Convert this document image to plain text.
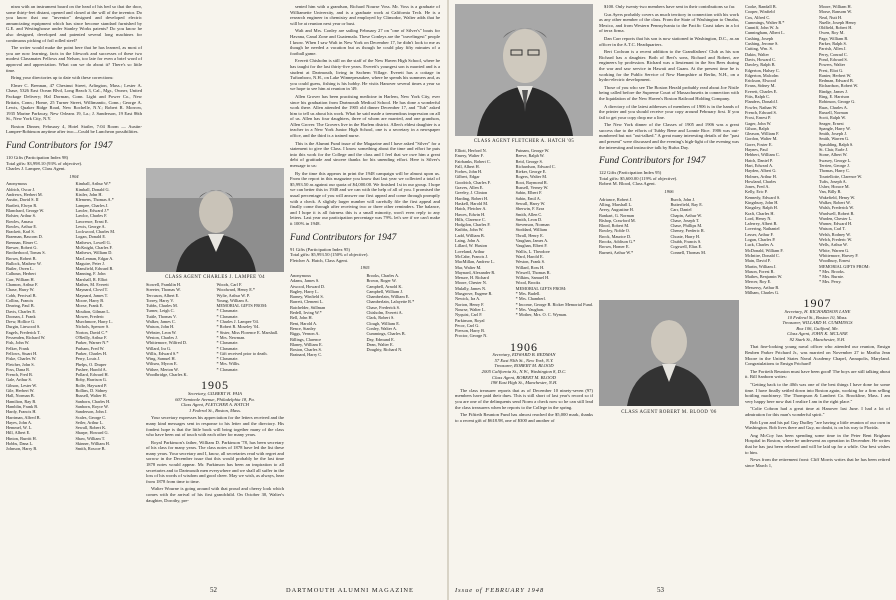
nism with an instrument board on the head of his bed so that the door, some thirty-feet distant, opened and closed at the will of the inventor. Do you know that our "inventor" designed and developed electric annunciating equipment which has since become standard furnished by G.E. and Westinghouse under Stanley Works patents? Do you know he also designed, developed and patented several long machines for continuous picking of foil rolled steel?

The writer would make the point here that he has learned, as most of you are now learning, facts in the lifework and successes of these two modest Classmates Fellows and Nelson, too late for even a brief word of approval and appreciation. What can we do about it? There's so little time.

Bring your directories up to date with these corrections:

Elmer C. Brennan, 47 Chestnut Street, Arlington, Mass.; Lester A. Chase, 5326 East Ocean Blvd, Long Beach 3, Cal., Mgr., Owner, United Package Delivery; Hal Dorman, Conn. Light and Power Co., New Britain, Conn.; Home, 25 Turner Street, Willimantic, Conn.; George A. Lewis, Quaker Ridge Road, New Rochelle, N.Y.; Robert R. Morrow, 1935 Marine Parkway, New Orleans 19, La.; J. Sanderson, 19 East 86th St., New York City, N.Y.

Boston Dinner, February 4, Hotel Statler, 7:04 Room — Austin-Lampee-Robinson anytime after two—Could be Luncheon possibilities.

Fund Contributors for 1947
110 Gifts (Participation Index 98)
Total gifts: $3,998.10 (93% of objective).
Charles J. Lampee, Class Agent.
1904
Anonymous
Aldrich, Oscar J.
Andrews, Herbert M.
Austin, David S. II
Bartlett, Elwyn R.
Blanchard, George W.
Bolster, Arthur S.
Bowles, Amasa
Bowles, Arthur E.
Brackett, Karl S.
Braeman, Bascom D.
Brennan, Elmer C.
Brewer, Robert G.
Brotherhood, Tomas S.
Brown, Robert B.
Bullock, Mathew W.
Butler, Owen L.
Calhoun, Herbert
Carr, William H.
Chamon, Arthur F.
Chase, Harry W.
Cobb, Percival B.
Collins, Francis
Dearing, Paul B.
Davis, Charles E.
Doonan, J. Frank
Drew, Hollice G.
Durgin, Linwood S.
Engels, Frederick T.
Fessenden, Richard W.
Fish, John W.
Felker, Frank
Fellows, Stuart H.
Fiske, Charles W.
Fletcher, John S.
Foss, Dana R.
French, Fred B.
Gale, Arthur S.
Gibson, Lester W.
Gile, Herbert W.
Hall, Norman B.
Hamilton, Ray B.
Hamblin, Frank B.
Hardy, Francis H.
Harriman, Alfred B.
Hayes, John A.
Hemmel, W. L.
Hill, Albert E.
Hinton, Burritt H.
Hobbs, Dana L.
Johnson, Harry B.
Kimball, Arthur W.*
Kimball, Donald G.
Kistler, John H.
Klemens, Thomas A.*
Lampee, Charles J.
Lawler, Edward J.*
Lawlor, Charles F.
Lawrence, Ernst E.
Lewis, George A.
Lockwood, Charles M.
Logan, Donald E.
Mathews, Lowell G.
McKnight, Charles F.
Mathews, William D.
MacLennan, Edgar A.
Maguire, Peter J.
Mansfield, Edward B.
Manning, F. John
Marshall, R. Elliot
Mathes, M. Everett
Maynard, Clovd T.
Maynard, James T.
Moore, Harry B.
Morse, Frank E.
Moulton, Gilman L.
Mower, Frederic
Murchmore, Harry L.
Nichols, Spencer S.
Norton, David C.*
O'Reilly, Arthur F.
Parker, Warner N.*
Parham, Fred W.
Parker, Charles H.
Perry, Louis J.
Phelps, O. Draper
Pushee, Harold A.
Pollard, Edward H.
Roby, Harrison G.
Rolfe, Hayward P.
Rollins, D. Sidney
Russell, Walter H.
Sanborn, Charles H.
Sanborn, Royce W.
Sanderson, John J.
Scales, George C.
Seiler, Arthur L.
Sewall, Robert K.
Sharpe, Howard G.
Shaw, William T.
Skinner, William H.
Smith, Roscoe B.
CLASS AGENT CHARLES J. LAMPEE '04
Stowell, Franklin H.
Streeter, Thomas W.
Tercuson, Albert E.
Torrey, Harry V.
Tubbs, Charles M.
Turner, Leigh C.
Tuttle, Thomas V.
Walker, James C.
Watson, John H.
Webster, Leon W.
Weston, Charles J.
Whittemore, Wilfred D.
Willard, Ira G.
Willis, Edward S.*
Wing, Samuel H.
Wiltsea, Myron E.
Withee, Merton W.
Woodbridge, Charles K.
Woods, Carl F.
Woodward, Henry E.*
Wylie, Arthur W. P.
Young, William A.
MEMORIAL GIFTS FROM:
* Classmate.
* Classmate.
* Charles J. Lampee '04.
* Robert R. Moseley '04.
* Sister, Miss Florence E. Marshall.
* Mrs. Newman.
* Classmate.
* Classmate.
* Gift received prior to death.
* Classmate.
* Mrs. Willis.
* Classmate.
1905
Secretary, GILBERT H. FAIA
607 Seminole Avenue, Philadelphia 18, Pa.
Class Agent, FLETCHER A. HATCH
1 Federal St., Boston, Mass.

Your secretary expresses his appreciation for the letters received and the many kind messages sent in response to his letter and the directory. His fondest hope is that the little book will bring together many of the class who have been out of touch with each other for many years.

Royal Parkinson's father, William D. Parkinson '78, has been secretary of his class for many years. The class notes of 1878 have led the list these many years. Your secretary and I, know, all secretaries read with regret and sorrow in the December issue that this would probably be the last time 1878 notes would appear. Mr. Parkinson has been an inspiration to all secretaries and to Dartmouth men everywhere and we shall all suffer in the loss of his words of wisdom and good cheer. May we wish, as always, hear from 1878 from time to time.

Walter Wourne is going around with that proud and cheery look which comes with the arrival of his first grandchild. On October 30, Walter's daughter, Dorothy, pre-

sented him with a grandson, Richard Nourse Voss. Mr. Voss is a graduate of Williamette University, and is a graduate work at California Tech. He is a research engineer in chemistry and employed by Climodor, Walter adds that he will be at reunion next year or bust.

Walt and Mrs. Conley are sailing February 27 on "one of Silver's" boats for Havana, Canal Zone and Guatemala. These Conleys are the "travelingest" people I know. When I saw Walt in New York on December 17, he didn't look to me as though he needed a vacation but as though he could play fifty minutes of a football game.

Everett Chisholm is still on the staff of the New Haven High School, where he has taught for the last thirty-five years. Everett's youngest son is married and is a student at Dartmouth, living in Sachem Village. Everett has a cottage in Tuftonboro, N.H., on Lake Winnepesaukee, where he spends his summers and, as you could guess, fishing is his hobby. He visits Hanover several times a year so we hope to see him at reunion in '49.

Allen Grover has been practising medicine in Harlem, New York City, ever since his graduation from Dartmouth Medical School. He has done a wonderful work there. Allen attended the 1905 old dinner December 17, and "Tub" asked him to tell us about his work. What he said made a tremendous impression on all of us. Allen has four daughters, three of whom are married, and one grandson, Allen Grover. The Grovers live in the Harlem district. Allen's eldest daughter is a teacher in a New York Junior High School, one is a secretary in a newspaper office, and the third is a trained nurse.

This is the Alumni Fund issue of the Magazine and I have asked "Silver" for a statement to give the Class. I know something about the time and effort he puts into this work for the College and the class and I feel that we owe him a great debt of gratitude and sincere thanks for his unending effort. Here is Silver's message to us:

By the time this appears in print the 1948 campaign will be almost upon us. From the report in this magazine you know that last year we collected a total of $5,993.50 as against our quota of $4,000.00. We finished 1st in our group. I hope we can better this in 1948 and we can with the help of all of you. I promised the usual percentage of you will answer our first appeal and come through promptly with a check. A slightly larger number will carefully file the first appeal and finally come through after receiving two or three other reminders. The balance, and I hope it is all fairness this is a small minority, won't even reply to any letters. Last year our participation percentage was 79%. let's see if we can't make it 100% in 1948.

Fund Contributors for 1947
91 Gifts (Participation Index 95)
Total gifts: $5,993.50 (150% of objective).
Fletcher A. Hatch, Class Agent.
1905
Anonymous
Adams, James S.
Atwood, Howard D.
Bagley, Harry L.
Barney, Winfield S.
Barrett, Clement L.
Batchelder, Stillman
Bedell, Irving W.*
Bell, John H.
Bent, Harold A.
Bence, Stanley
Biggs, Vernon A.
Billings, Clarence
Blaney, William E.
Boston, Charles S.
Brainard, Harry C.
Brooks, Charles A.
Brown, Roger W.
Campbell, Arnold K.
Campbell, William J.
Chamberlain, William E.
Chamberlain, Lafayette R.*
Chase, Frederick S.
Chisholm, Everett A.
Clark, Robert S.
Clough, William E.
Conley, Walter A.
Cummings, Charles B.
Day, Edmund E.
Dean, Walter E.
Doughty, Richard N.
52	DARTMOUTH ALUMNI MAGAZINE
CLASS AGENT FLETCHER A. HATCH '05
Elliott, Herford N.
Emery, Walter F.
Fairbanks, Robert C.
Fall, Albert H.
Forbes, John H.
Gilbert, Edgar
Goodrich, Charles F.
Graves, Allen E.
Greeley, J. Clinton
Harding, Robert H.
Haskell, Harold M.
Hatch, Fletcher A.
Hawes, Edwin H.
Hills, Clarence C.
Hodgdon, Charles F.
Knibbs, John W.
Ladd, William B.
Laing, John A.
Lillard, W. Huston
Loveland, Arthur
McCabe, Francis J.
MacMillan, Andrew L.
Mar, Walter M.
Maynard, Alexander R.
Mesure, H. Richard
Moore, Chester N.
Mulally, James N.
Musgrove, Eugene R.
Newick, Ira A.
Norton, Henry F.
Nourse, Walter L.
Nyquist, Carl F.
Parkinson, Royal
Pecor, Carl G.
Pierson, Harry B.
Proctor, George N.
Putnam, George W.
Reeve, Ralph W.
Reid, George S.
Richardson, Edward C.
Rieker, George E.
Rogers, Walter M.
Root, Raymond R.
Russell, Verney W.
Sabin, Elbert F.
Sabin, Emil A.
Sewall, Harry W.
Sherwin, F. Ezra
Smith, Allen C.
Smith, Leon D.
Stevenson, Norman
Stoddard, William
Thrall, Henry E.
Vaughan, James A.
Vaughan, Elbert F.
Wallis, L. Theodore
Ward, Harold E.
Weston, Frank S.
Willard, Ross H.
Wiswell, Thomas R.
Wilkins, Samuel H.
Wood, Brooks
MEMORIAL GIFTS FROM:
* Mrs. Budell.
* Mrs. Chamberl.
* Income, George B. Ricker Memorial Fund.
* Mrs. Vaughan.
* Mother, Mrs. O. C. Wyman.
1906
Secretary, EDWARD B. REDMAN
57 East 95th St., New York, N.Y.
Treasurer, ROBERT M. BLOOD
2005 California St., N.W., Washington 8, D.C.
Class Agent, ROBERT M. BLOOD
198 East High St., Manchester, N.H.

The class treasurer reports that as of December 10 ninety-seven (97) members have paid their dues. This is still short of last year's record so if you are one of the delinquents send Norm a check now so he can still lead the class treasurers when he reports to the College in the spring.

The Fiftieth Reunion Fund has almost reached the $5,000 mark, thanks to a recent gift of $618.98, one of $300 and another of

$100. Only twenty-two members have sent in their contributions so far.

Gus Ayers probably covers as much territory in connection with his work as any other member of the class. From the State of Washington to Omaha, Mexico, and from Western Pennsylvania to the Pacific Coast takes in a lot of terra firma.

Dan Carr reports that his son is now stationed in Washington, D.C., as an officer in the A.T.C. Headquarters.

Bert Cochran is a recent addition to the Grandfathers' Club as his son Richard has a daughter. Both of Bert's sons, Richard and Robert, are engineers by profession. Richard was a lieutenant in the Sea Bees during the war and saw service in Hawaii and Guam. At the present time he is working for the Public Service of New Hampshire at Berlin, N.H., on a hydro-electric development.

Those of you who see The Boston Herald probably read about Joe Nistle being called before the Supreme Court of Massachusetts in connection with the liquidation of the New Haven's Boston Railroad Holding Company.

A directory of the latest addresses of members of 1906 is in the hands of the printer and you should receive your copy around February first. If you fail to get your copy drop me a line.

The New York dinner of the Classes of 1905 and 1906 was a great success due to the efforts of Tubby Bene and Lonnie Rice. 1906 was out-numbered but not "out-talked." A great many interesting details of the "past and present" were discussed and the evening's high-light of the evening was the interesting and instructive talk by Rufus Day.

Fund Contributors for 1947
122 Gifts (Participation Index 95)
Total gifts: $5,600.00 (119% of objective).
Robert M. Blood, Class Agent.
1906
Adriance, Robert J.
Alling, Marshall L.
Avery, Augustine H.
Bankart, G. Norman
Bishop, Crawford M.
Blood, Robert M.
Bowley, Noble O.
Brock, Maurice D.
Brooks, Addison G.*
Brown, Homer E.
Burnett, Arthur W.*
Burch, John J.
Butterfield, Ray E.
Carr, Daniel
Chapin, Arthur W.
Chase, Joseph T.
Chase, Phillips M.
Cheney, Frederic R.
Choate, Harry H.
Chubb, Francis S.
Cogswell, Elias E.
Connell, Thomas M.
CLASS AGENT ROBERT M. BLOOD '06
Cooke, Randall B.
Cooper, Winfield
Cox, Alfred C.
Cummings, Walter B.*
Cunniff, John W. Jr.
Cunningham, Albert L.
Cushing, Joseph
Cushing, Jerome S.
Cutting, Wm. S.
Dakin, Walter
Davis, Howard C.
Dawley, Ralph B.
Edgerton, Halsey C.
Edgerton, Malcolm
Erickson, Elwood
Evans, Sidney M.
Everett, Charles E.
Fitts, Ralph C.
Flanders, Donald J.
Fowler, Nathan W.
French, Edward S.
Frost, Ernest P.
Gager, John W.
Gilson, Ralph
Gleason, William F.
Gordon, Walter M.
Gorer, Foster E.
Haynes, Paul
Hebbert, William C.
Hatch, Daniel P.
Hart, Edward A.
Hayden, Albert G.
Holmes, Arthur H.
Howland, Charles
Jones, Fred A.
Kelly, Eric P.
Kennedy, Edward S.
Kingsbury, John H.
Kingsley, Ralph H.
Kraft, Charles H.
Lord, Henry N.
Laferrey, Albert B.
Lovering, Nathaniel
Lesser, Arthur F.
Logan, Charles P.
Luck, Charles A.
McDonald, William F.
McIntire, Donald C.
Main, David F.
Martin, William J.
Mason, Forest R.
Mathes, Benjamin W.
Mercer, Roy E.
Messersy, Arthur B.
Milham, Charles G.
Moore, William H.
Morse, Ransom W.
Neal, Nutt H.
Nuelle, Joseph Henry
Oldfield, Robert H.
Owen, Roy M.
Page, William B.
Parker, Ralph S.
Parrish, Allen J.
Perry, Conrad C.
Pond, Edward S.
Powers, Walter
Prest, Eliot G.
Ranier, Herbert W.
Redman, Edward B.
Richardson, Robert W.
Rindge, James J.
Ring, E. Harrison
Robinson, George G.
Ruas, Charles A.
Russell, Norman
Scott, Ralph W.
Seager, Ernest
Spangle, Harry W.
Smith, Joseph J.
Smith, Warren G.
Spaulding, Ralph S.
St. Clair, Earle J.
Stone, Albert W.
Swasey, George L.
Terrien, George J.
Thomas, Harry C.
Tourtellotte, Clarence W.
Tufts, Joseph A.
Usher, Horace M.
Van, Billy B.
Wakefield, Henry W.
Walker, Robert W.
Walsh, Frederick W.
Wardwell, Robert B.
Warden, Chester L.
Warner, Edward H.
Watson, Carl T.
Welsh, Rodney W.
Welch, Frederic W.
Wells, Arthur W.
White, Warren G.
Whittemore, Harvey F.
Woodbury, Ernest
MEMORIAL GIFTS FROM:
* Mrs. Brooks.
* Mrs. Burnie.
* Mrs. Perry.
1907
Secretary, H. RICHARDSON LANE
10 Federal St., Boston 10, Mass.
Treasurer, WILLARD H. CUMMINGS
Box 106, Guilford, Me.
Class Agent, JOHN K. MCLANE
92 Stark St., Manchester, N.H.

That fine-looking young naval officer who attended our reunion, Ensign Reuben Parker Prichard Jr., was married on November 27 to Martha Jean Moore in the United States Naval Academy Chapel, Annapolis, Maryland. Congratulations to Ensign Prichard!

The Fortieth Reunion must have been good! The boys are still talking about it. Bill Sanborn writes:

"Getting back to the 40th was one of the best things I have done for some time. I have finally settled down into Boston again, working for a firm selling bottling machinery. The Thompson & Lambert Co. Brookline, Mass. I am very happy here now that I realize I am in the right place."

"Colie Cobron had a great time at Hanover last June. I had a lot of admiration for this man's wonderful spirit."

Bob Lyon and his pal Guy Dudley "are having a little reunion of our own in Washington. Bob lives there and Guy, no doubt, is on his way to Florida.

Ang McCoy has been spending some time in the Peter Bent Brigham Hospital in Boston, where he underwent an operation in December. He writes that he has just been released and will be laid up for a while. Our best wishes to him.

News from the retirement front: Cliff Morris writes that he has been retired since March 1,

Issue of FEBRUARY 1948	53
